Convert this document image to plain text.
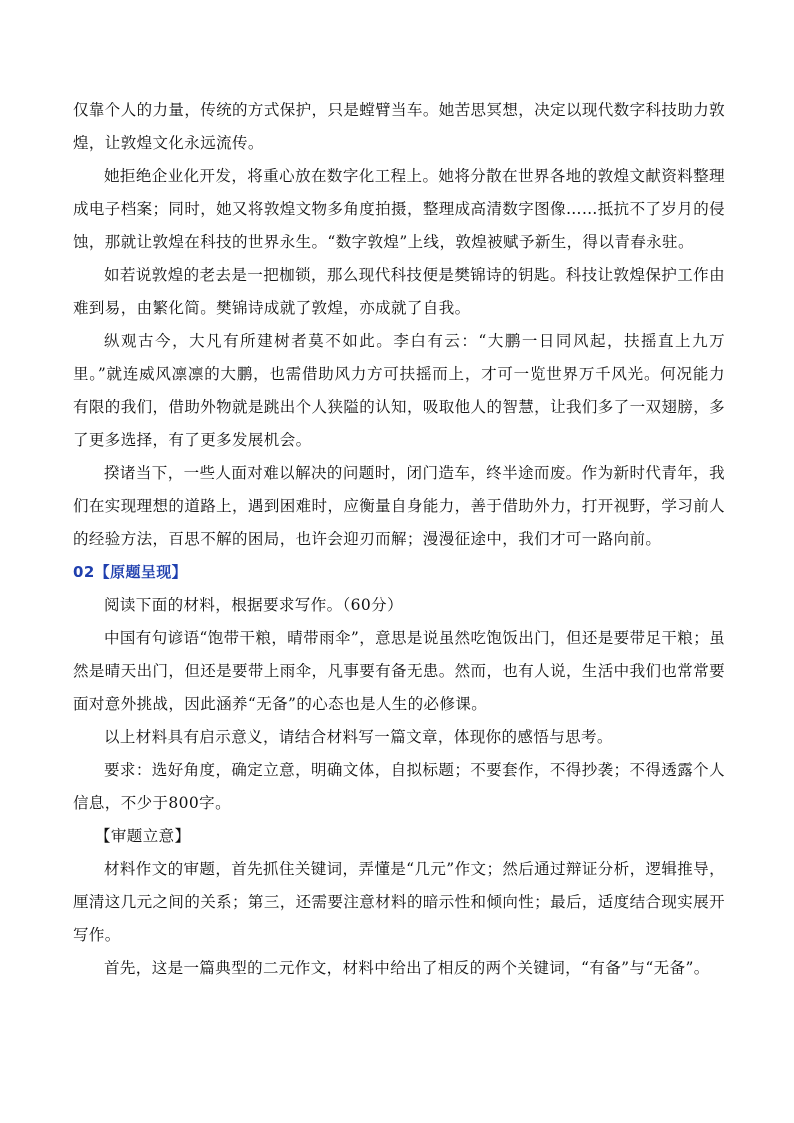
仅靠个人的力量，传统的方式保护，只是螳臂当车。她苦思冥想，决定以现代数字科技助力敦煌，让敦煌文化永远流传。

她拒绝企业化开发，将重心放在数字化工程上。她将分散在世界各地的敦煌文献资料整理成电子档案；同时，她又将敦煌文物多角度拍摄，整理成高清数字图像……抵抗不了岁月的侵蚀，那就让敦煌在科技的世界永生。“数字敦煌”上线，敦煌被赋予新生，得以青春永驻。

如若说敦煌的老去是一把枷锁，那么现代科技便是樊锦诗的钥匙。科技让敦煌保护工作由难到易，由繁化简。樊锦诗成就了敦煌，亦成就了自我。

纵观古今，大凡有所建树者莫不如此。李白有云：“大鹏一日同风起，扶摇直上九万里。”就连威风凛凛的大鹏，也需借助风力方可扶摇而上，才可一览世界万千风光。何况能力有限的我们，借助外物就是跳出个人狭隘的认知，吸取他人的智慧，让我们多了一双翅膀，多了更多选择，有了更多发展机会。

揆诸当下，一些人面对难以解决的问题时，闭门造车，终半途而废。作为新时代青年，我们在实现理想的道路上，遇到困难时，应衡量自身能力，善于借助外力，打开视野，学习前人的经验方法，百思不解的困局，也许会迎刃而解；漫漫征途中，我们才可一路向前。

02【原题呈现】

阅读下面的材料，根据要求写作。（60分）

中国有句谚语“饱带干粮，晴带雨伞”，意思是说虽然吃饱饭出门，但还是要带足干粮；虽然是晴天出门，但还是要带上雨伞，凡事要有备无患。然而，也有人说，生活中我们也常常要面对意外挑战，因此涵养“无备”的心态也是人生的必修课。

以上材料具有启示意义，请结合材料写一篇文章，体现你的感悟与思考。

要求：选好角度，确定立意，明确文体，自拟标题；不要套作，不得抄袭；不得透露个人信息，不少于800字。

【审题立意】

材料作文的审题，首先抓住关键词，弄懂是“几元”作文；然后通过辩证分析，逻辑推导，厘清这几元之间的关系；第三，还需要注意材料的暗示性和倾向性；最后，适度结合现实展开写作。

首先，这是一篇典型的二元作文，材料中给出了相反的两个关键词，“有备”与“无备”。
